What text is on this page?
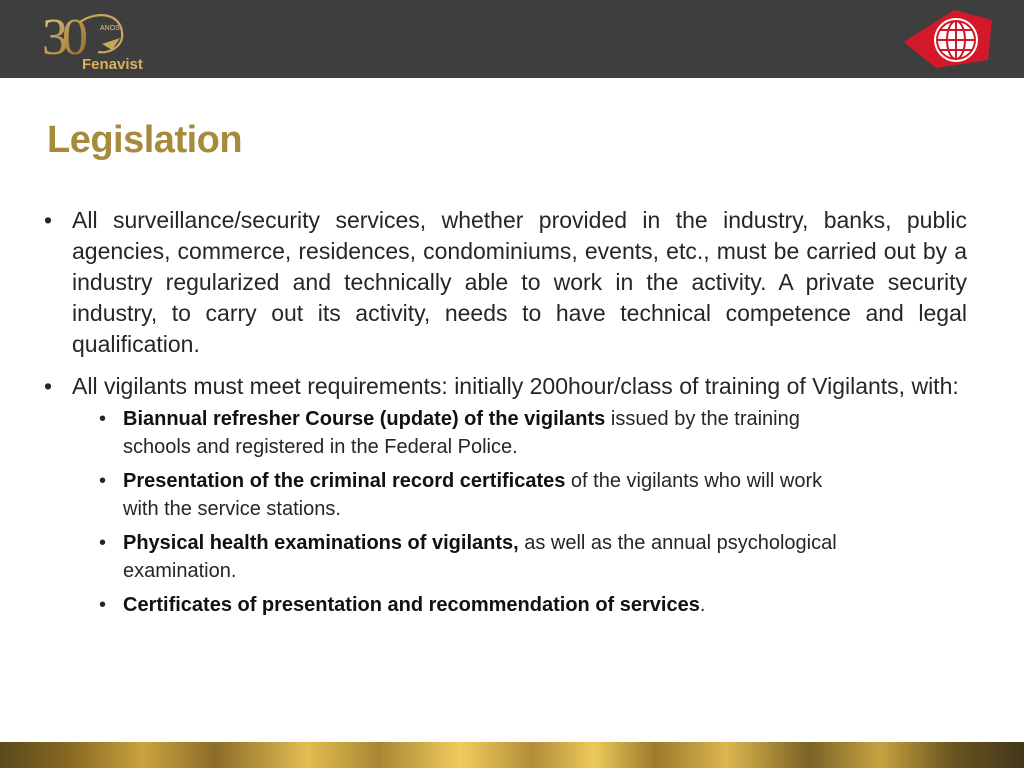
30	ANOS
Fenavist
Legislation
• All surveillance/security services, whether provided in the industry, banks, public agencies, commerce, residences, condominiums, events, etc., must be carried out by a industry regularized and technically able to work in the activity. A private security industry, to carry out its activity, needs to have technical competence and legal qualification.
• All vigilants must meet requirements: initially 200hour/class of training of Vigilants, with:
• Biannual refresher Course (update) of the vigilants issued by the training schools and registered in the Federal Police.
• Presentation of the criminal record certificates of the vigilants who will work with the service stations.
• Physical health examinations of vigilants, as well as the annual psychological examination.
• Certificates of presentation and recommendation of services.
